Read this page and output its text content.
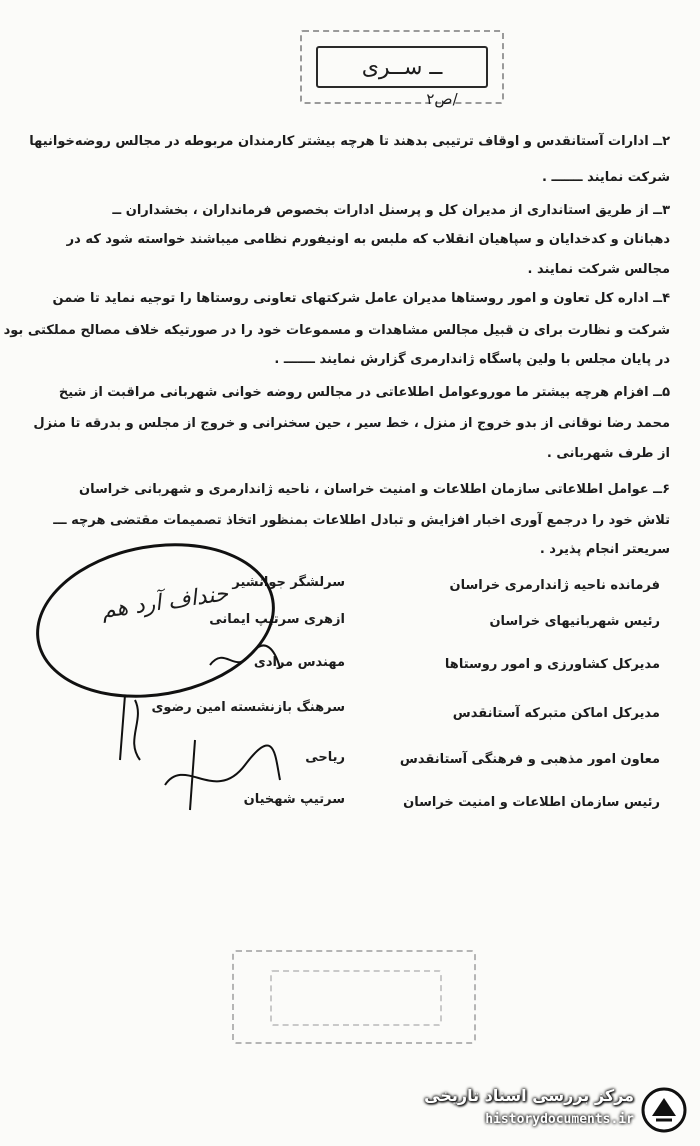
ــ ســری
ص۲/
۲ــ ادارات آستانقدس و اوقاف ترتیبی بدهند تا هرچه بیشتر کارمندان مربوطه در مجالس روضه‌خوانیها
شرکت نمایند ـــــــ .
۳ــ از طریق استانداری از مدیران کل و پرسنل ادارات بخصوص فرمانداران ، بخشداران ــ
دهبانان و کدخدایان و سپاهیان انقلاب که ملبس به اونیفورم نظامی میباشند خواسته شود که در
مجالس شرکت نمایند .
۴ــ اداره کل تعاون و امور روستاها مدیران عامل شرکتهای تعاونی روستاها را توجیه نماید تا ضمن
شرکت و نظارت برای ن قبیل مجالس مشاهدات و مسموعات خود را در صورتیکه خلاف مصالح مملکتی بود
در پایان مجلس با ولین پاسگاه ژاندارمری گزارش نمایند ـــــــ .
۵ــ افزام هرچه بیشتر ما موروعوامل اطلاعاتی در مجالس روضه خوانی شهربانی مراقبت از شیخ
محمد رضا نوقانی از بدو خروج از منزل ، خط سیر ، حین سخنرانی و خروج از مجلس و بدرقه تا منزل
از طرف شهربانی .
۶ــ عوامل اطلاعاتی سازمان اطلاعات و امنیت خراسان ، ناحیه ژاندارمری و شهربانی خراسان
تلاش خود را درجمع آوری اخبار افزایش و تبادل اطلاعات بمنظور اتخاذ تصمیمات مقتضی هرچه ـــ
سریعتر انجام پذیرد .
فرمانده ناحیه ژاندارمری خراسان
سرلشگر جوانشیر
رئیس شهربانیهای خراسان
ازهری سرتیپ ایمانی
مدیرکل کشاورزی و امور روستاها
مهندس مرادی
مدیرکل اماکن متبرکه آستانقدس
سرهنگ بازنشسته امین رضوی
معاون امور مذهبی و فرهنگی آستانقدس
ریاحی
رئیس سازمان اطلاعات و امنیت خراسان
سرتیپ شهخیان
حنداف آرد هم
مرکز بررسی اسناد تاریخی
historydocuments.ir
